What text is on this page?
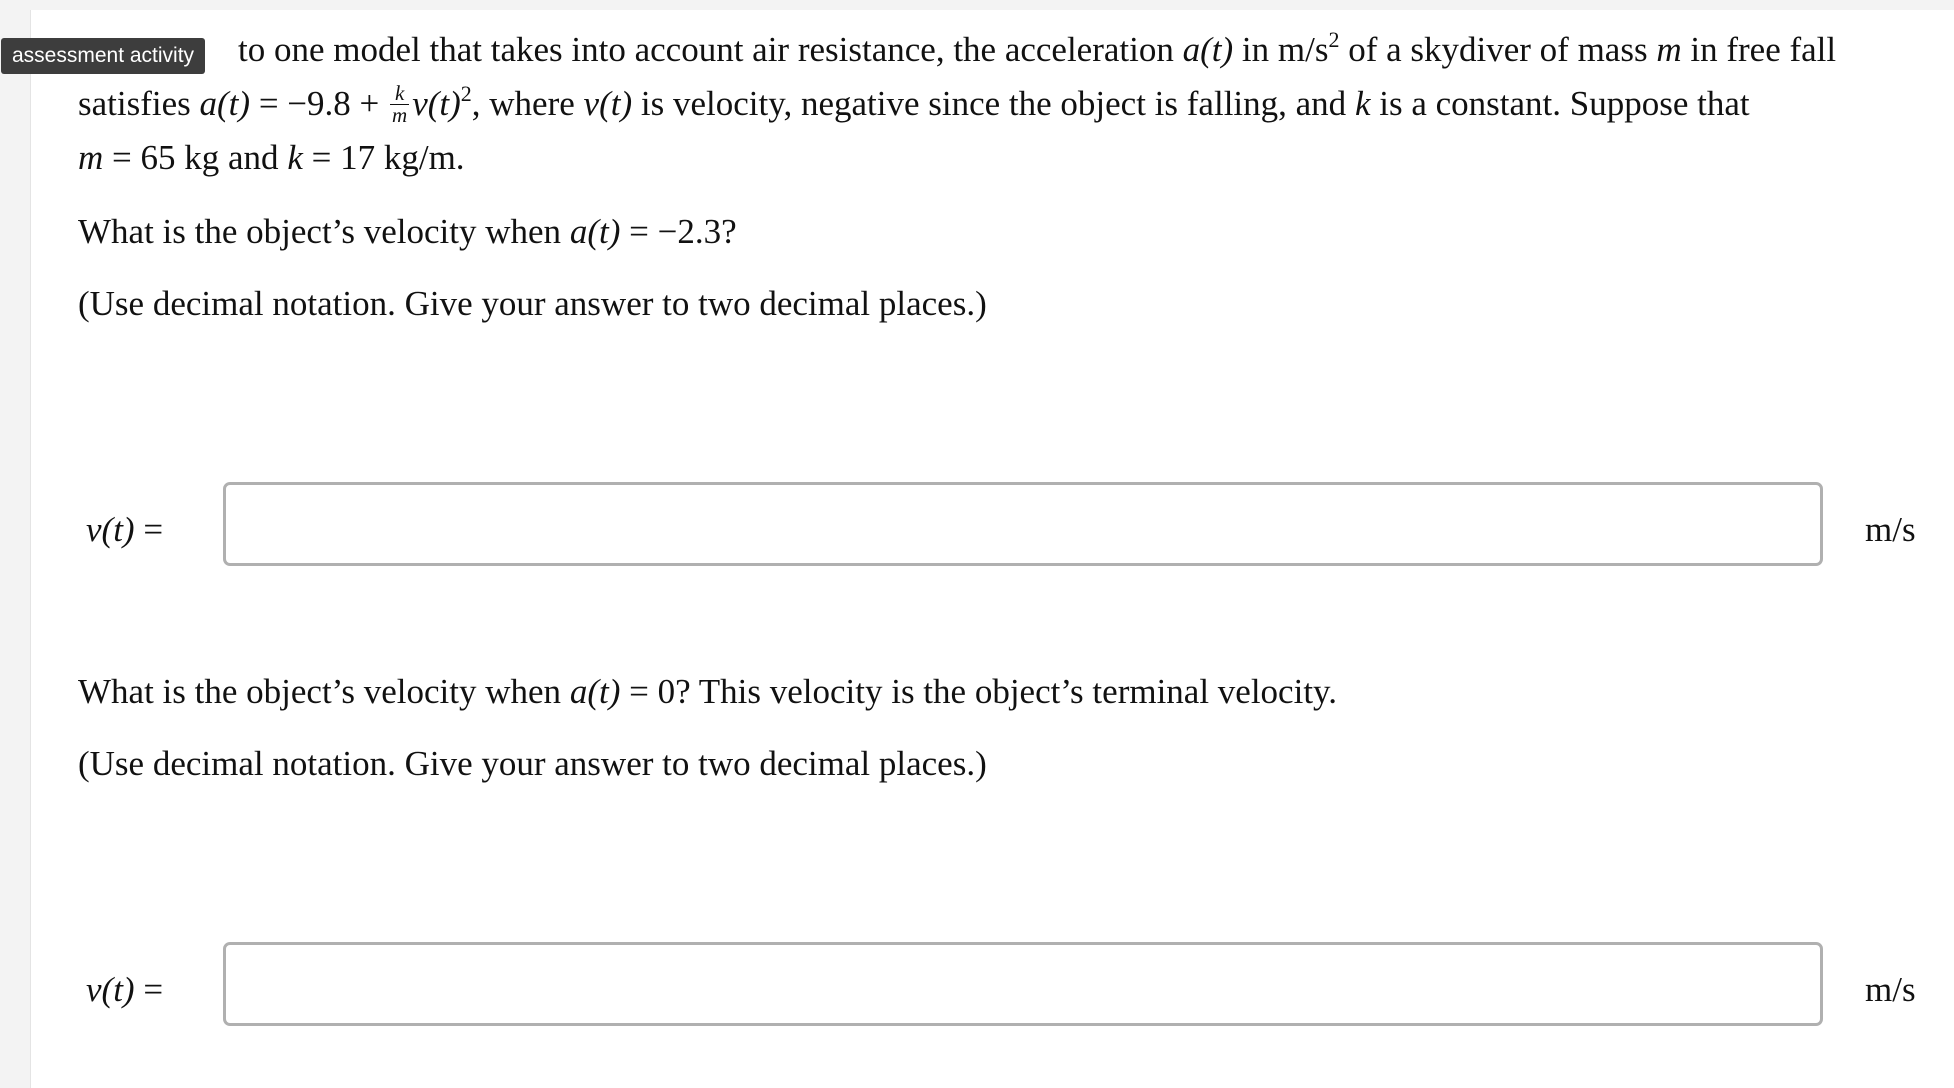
assessment activity	to one model that takes into account air resistance, the acceleration a(t) in $m/s^2$ of a skydiver of mass m in free fall
satisfies $a(t) = -9.8 + \frac{k}{m} v(t)^2$, where v(t) is velocity, negative since the object is falling, and k is a constant. Suppose that
m = 65 kg and k = 17 kg/m.
What is the object’s velocity when a(t) = −2.3?
(Use decimal notation. Give your answer to two decimal places.)
v(t) =	m/s
What is the object’s velocity when a(t) = 0? This velocity is the object’s terminal velocity.
(Use decimal notation. Give your answer to two decimal places.)
v(t) =	m/s
